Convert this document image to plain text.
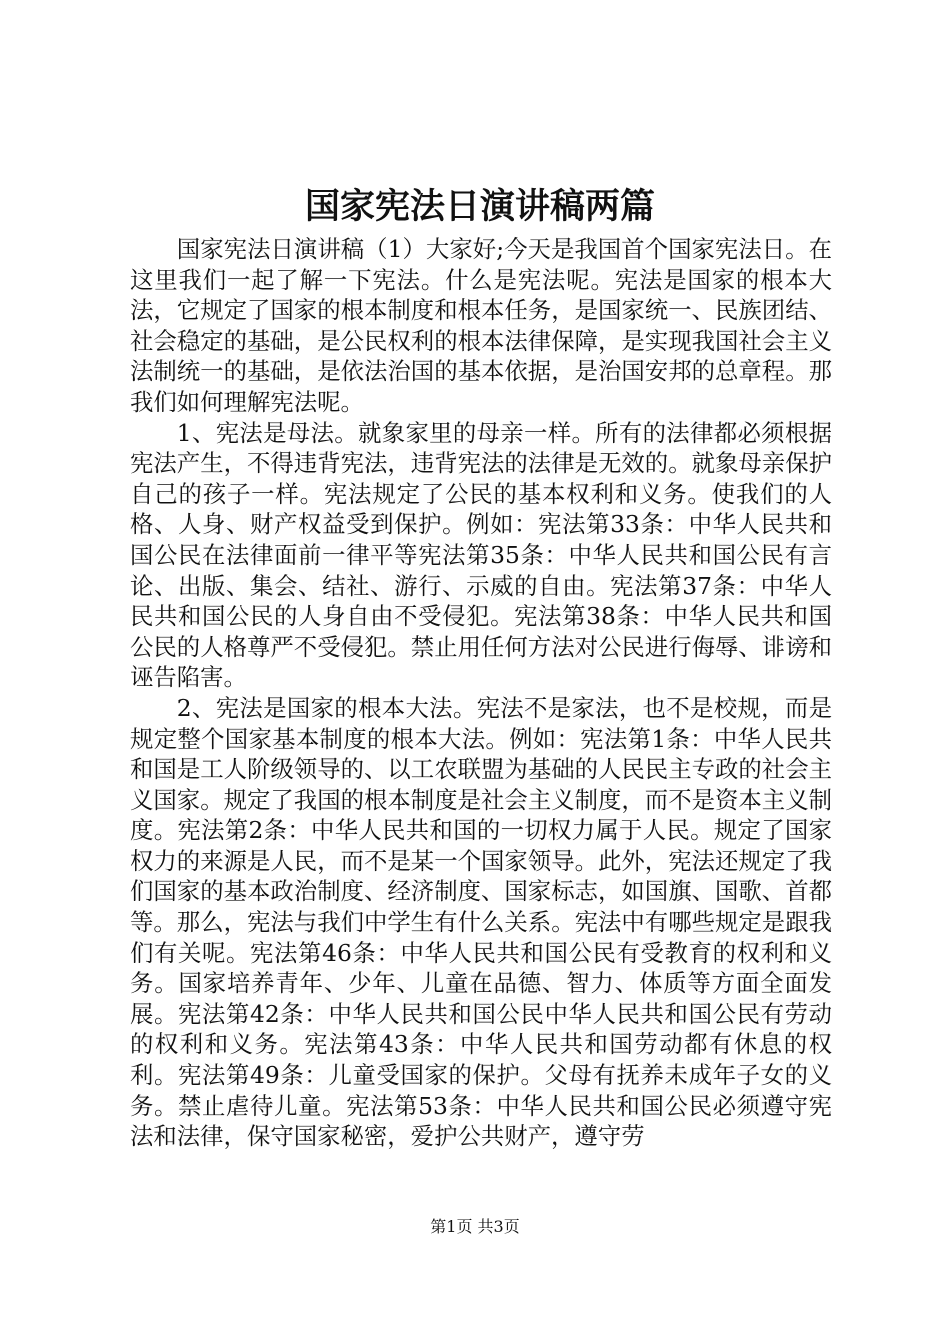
国家宪法日演讲稿两篇

国家宪法日演讲稿（1）大家好;今天是我国首个国家宪法日。在这里我们一起了解一下宪法。什么是宪法呢。宪法是国家的根本大法，它规定了国家的根本制度和根本任务，是国家统一、民族团结、社会稳定的基础，是公民权利的根本法律保障，是实现我国社会主义法制统一的基础，是依法治国的基本依据，是治国安邦的总章程。那我们如何理解宪法呢。

1、宪法是母法。就象家里的母亲一样。所有的法律都必须根据宪法产生，不得违背宪法，违背宪法的法律是无效的。就象母亲保护自己的孩子一样。宪法规定了公民的基本权利和义务。使我们的人格、人身、财产权益受到保护。例如：宪法第33条：中华人民共和国公民在法律面前一律平等宪法第35条：中华人民共和国公民有言论、出版、集会、结社、游行、示威的自由。宪法第37条：中华人民共和国公民的人身自由不受侵犯。宪法第38条：中华人民共和国公民的人格尊严不受侵犯。禁止用任何方法对公民进行侮辱、诽谤和诬告陷害。

2、宪法是国家的根本大法。宪法不是家法，也不是校规，而是规定整个国家基本制度的根本大法。例如：宪法第1条：中华人民共和国是工人阶级领导的、以工农联盟为基础的人民民主专政的社会主义国家。规定了我国的根本制度是社会主义制度，而不是资本主义制度。宪法第2条：中华人民共和国的一切权力属于人民。规定了国家权力的来源是人民，而不是某一个国家领导。此外，宪法还规定了我们国家的基本政治制度、经济制度、国家标志，如国旗、国歌、首都等。那么，宪法与我们中学生有什么关系。宪法中有哪些规定是跟我们有关呢。宪法第46条：中华人民共和国公民有受教育的权利和义务。国家培养青年、少年、儿童在品德、智力、体质等方面全面发展。宪法第42条：中华人民共和国公民中华人民共和国公民有劳动的权利和义务。宪法第43条：中华人民共和国劳动都有休息的权利。宪法第49条：儿童受国家的保护。父母有抚养未成年子女的义务。禁止虐待儿童。宪法第53条：中华人民共和国公民必须遵守宪法和法律，保守国家秘密，爱护公共财产，遵守劳

第1页 共3页
